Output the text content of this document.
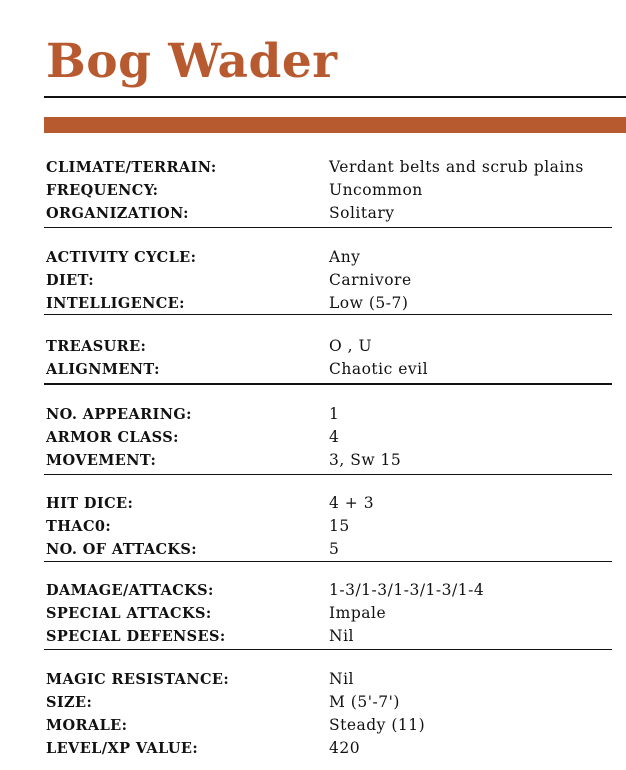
Bog Wader
CLIMATE/TERRAIN:	Verdant belts and scrub plains
FREQUENCY:	Uncommon
ORGANIZATION:	Solitary
ACTIVITY CYCLE:	Any
DIET:	Carnivore
INTELLIGENCE:	Low (5-7)
TREASURE:	O , U
ALIGNMENT:	Chaotic evil
NO. APPEARING:	1
ARMOR CLASS:	4
MOVEMENT:	3, Sw 15
HIT DICE:	4 + 3
THAC0:	15
NO. OF ATTACKS:	5
DAMAGE/ATTACKS:	1-3/1-3/1-3/1-3/1-4
SPECIAL ATTACKS:	Impale
SPECIAL DEFENSES:	Nil
MAGIC RESISTANCE:	Nil
SIZE:	M (5'-7')
MORALE:	Steady (11)
LEVEL/XP VALUE:	420
